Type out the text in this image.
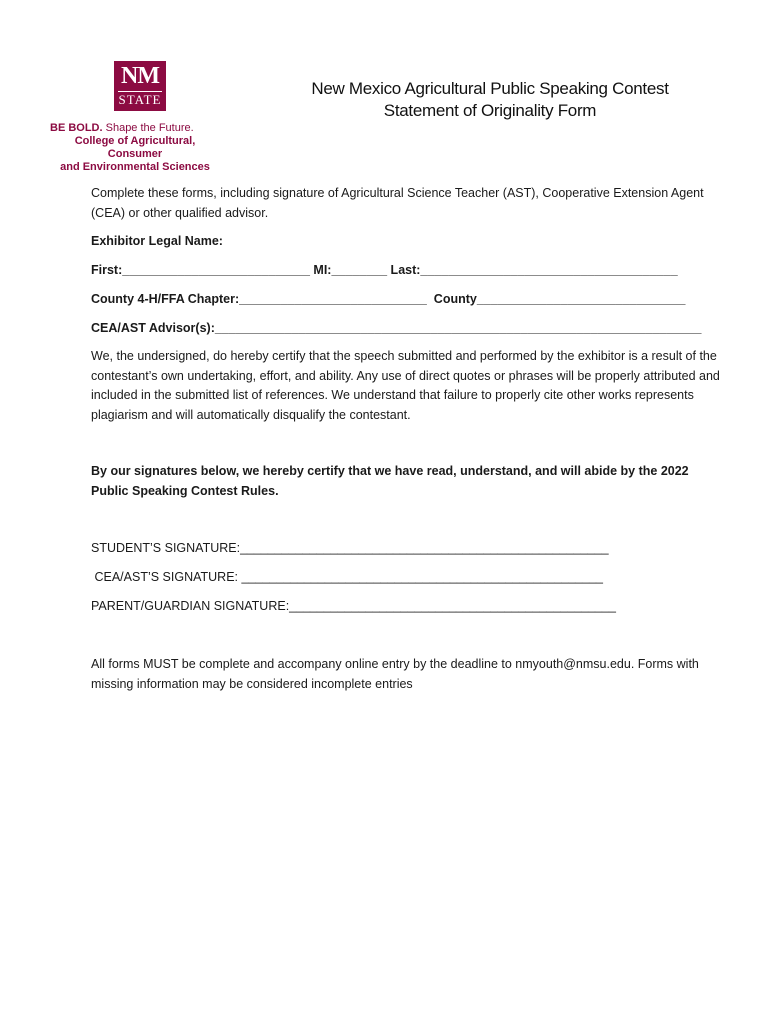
NM
STATE
BE BOLD. Shape the Future.
College of Agricultural, Consumer
and Environmental Sciences
New Mexico Agricultural Public Speaking Contest
Statement of Originality Form
Complete these forms, including signature of Agricultural Science Teacher (AST), Cooperative Extension Agent (CEA) or other qualified advisor.
Exhibitor Legal Name:
First:___________________________ MI:________ Last:_____________________________________
County 4-H/FFA Chapter:___________________________  County______________________________
CEA/AST Advisor(s):______________________________________________________________________
We, the undersigned, do hereby certify that the speech submitted and performed by the exhibitor is a result of the contestant’s own undertaking, effort, and ability. Any use of direct quotes or phrases will be properly attributed and included in the submitted list of references. We understand that failure to properly cite other works represents plagiarism and will automatically disqualify the contestant.
By our signatures below, we hereby certify that we have read, understand, and will abide by the 2022 Public Speaking Contest Rules.
STUDENT’S SIGNATURE:_____________________________________________________
CEA/AST’S SIGNATURE: ____________________________________________________
PARENT/GUARDIAN SIGNATURE:_______________________________________________
All forms MUST be complete and accompany online entry by the deadline to nmyouth@nmsu.edu. Forms with missing information may be considered incomplete entries
